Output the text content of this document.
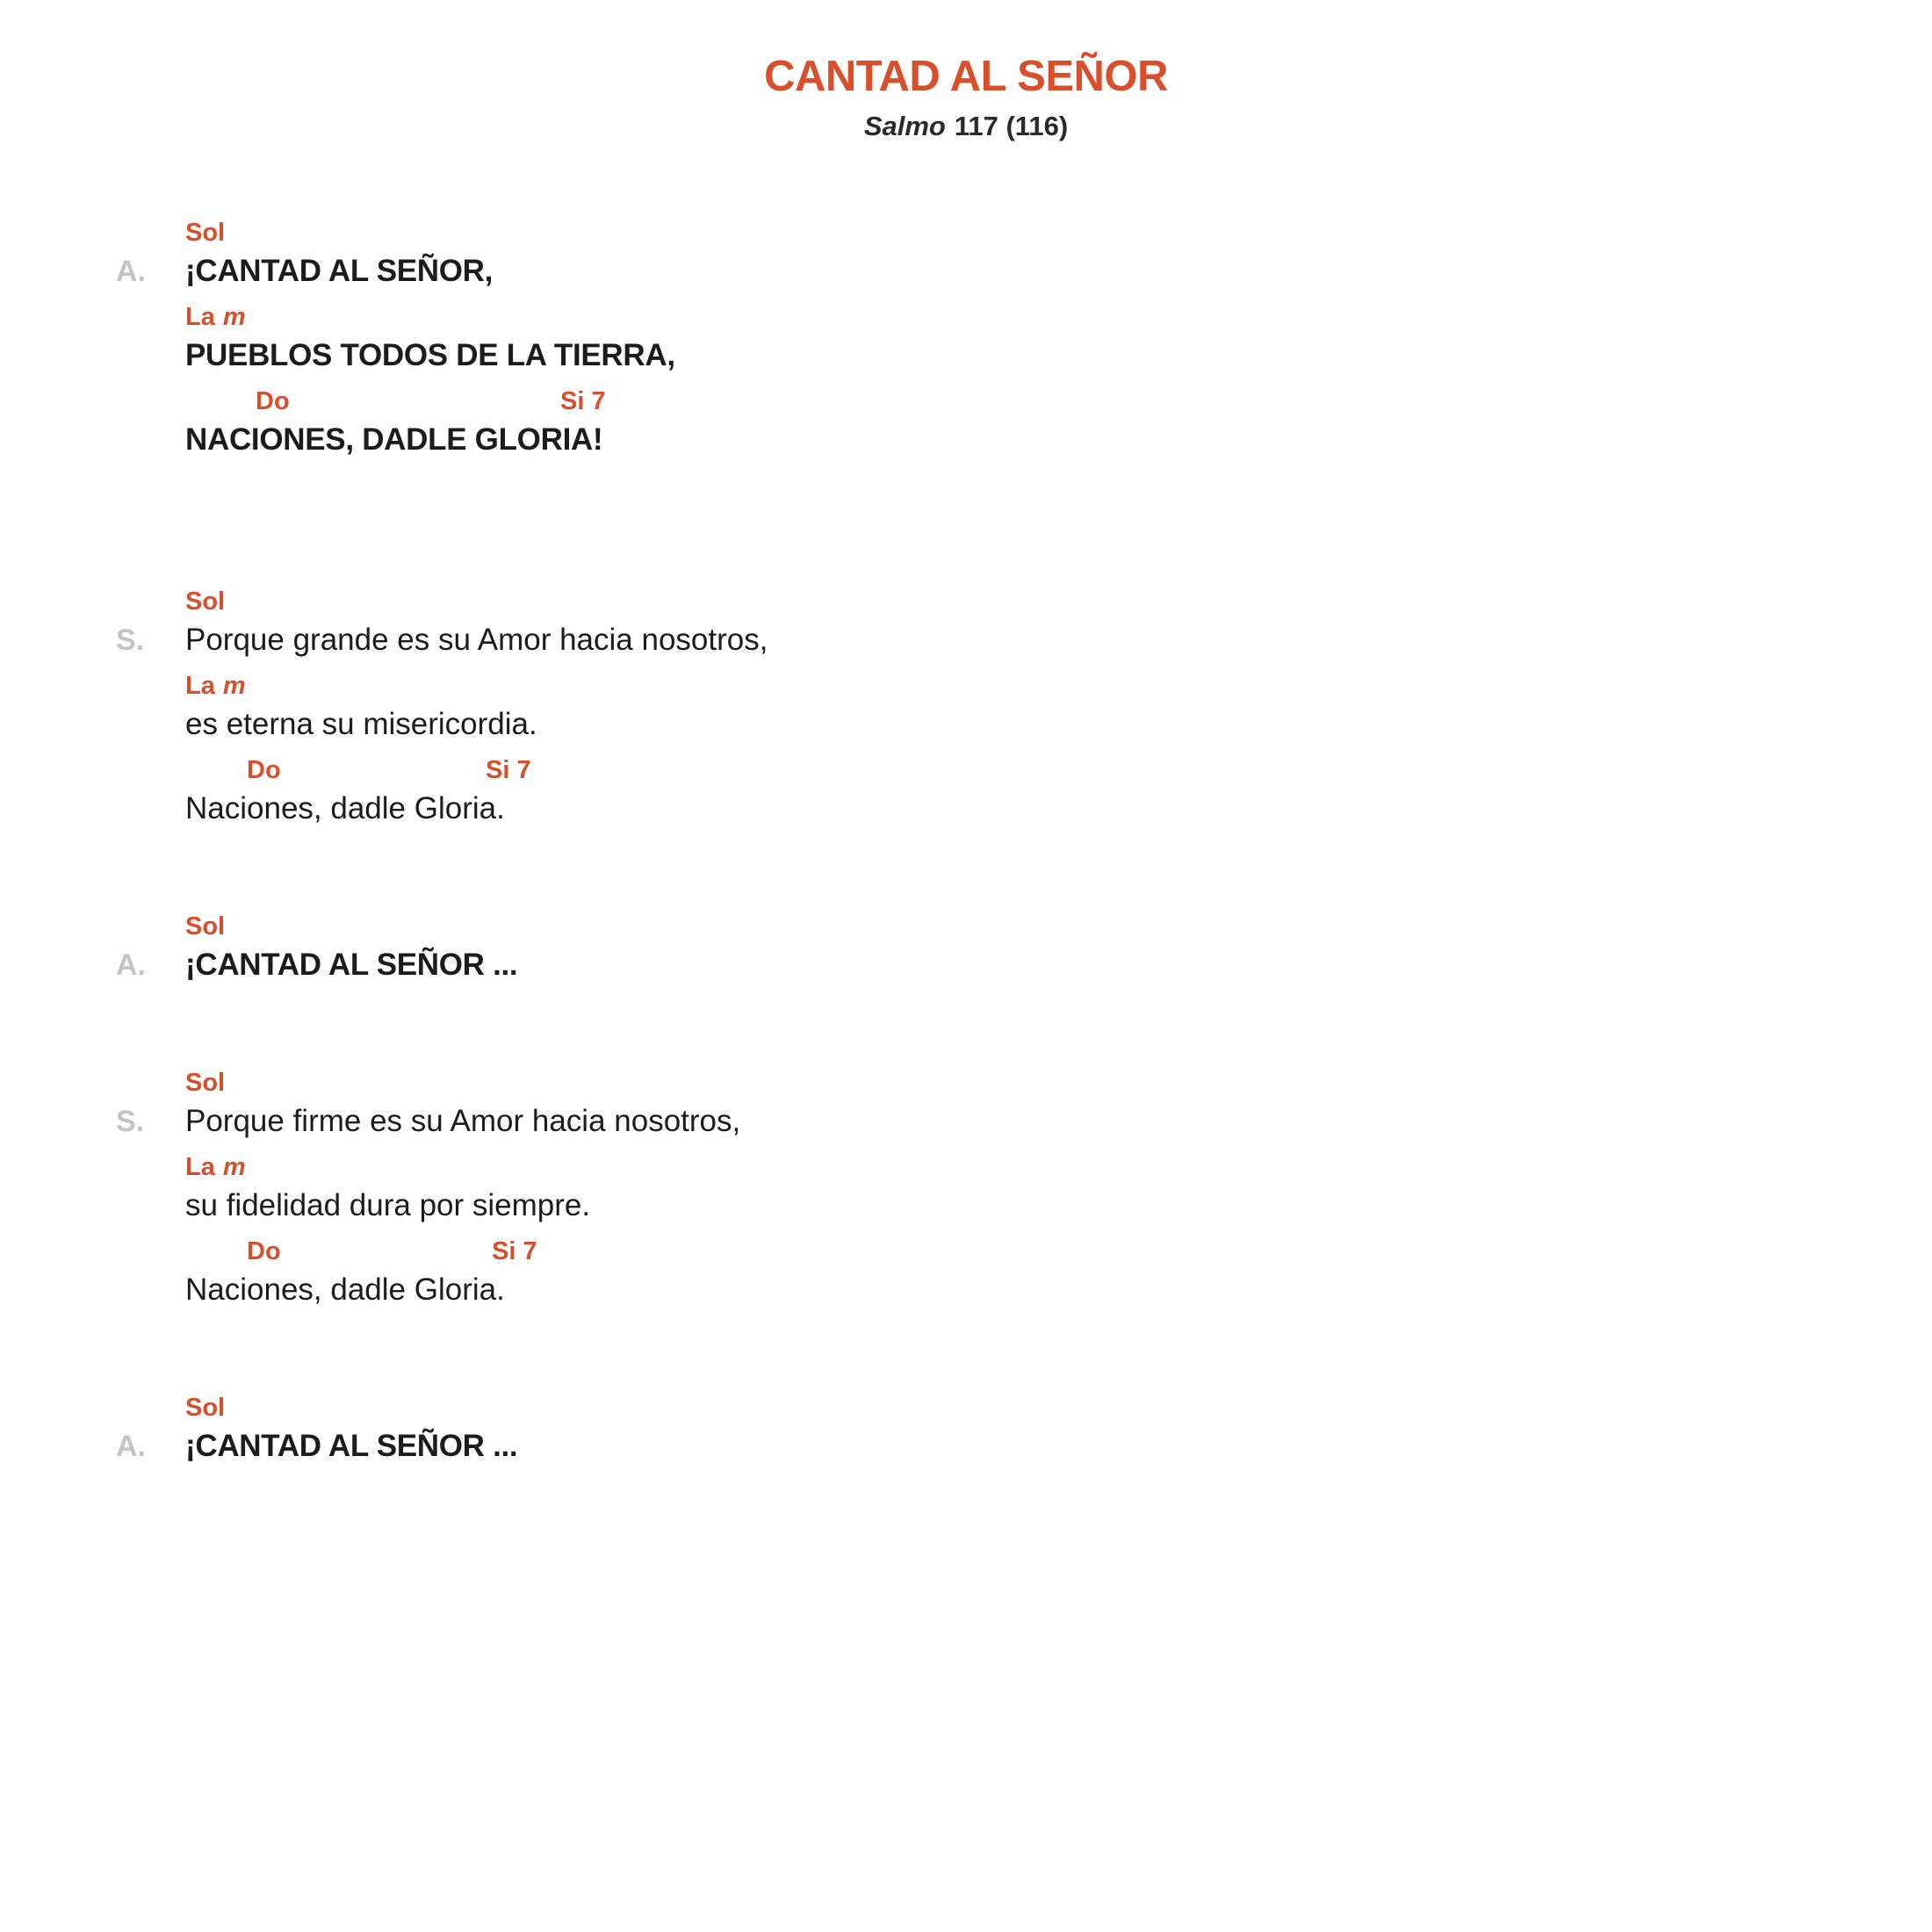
CANTAD AL SEÑOR
Salmo 117 (116)
A.

Sol

¡CANTAD AL SEÑOR,

La m

PUEBLOS TODOS DE LA TIERRA,

Do

	Si 7

NACIONES, DADLE GLORIA!
S.

Sol

Porque grande es su Amor hacia nosotros,

La m

es eterna su misericordia.

Do

	Si 7

Naciones, dadle Gloria.
A.

Sol

¡CANTAD AL SEÑOR ...
S.

Sol

Porque firme es su Amor hacia nosotros,

La m

su fidelidad dura por siempre.

Do

	Si 7

Naciones, dadle Gloria.
A.

Sol

¡CANTAD AL SEÑOR ...
